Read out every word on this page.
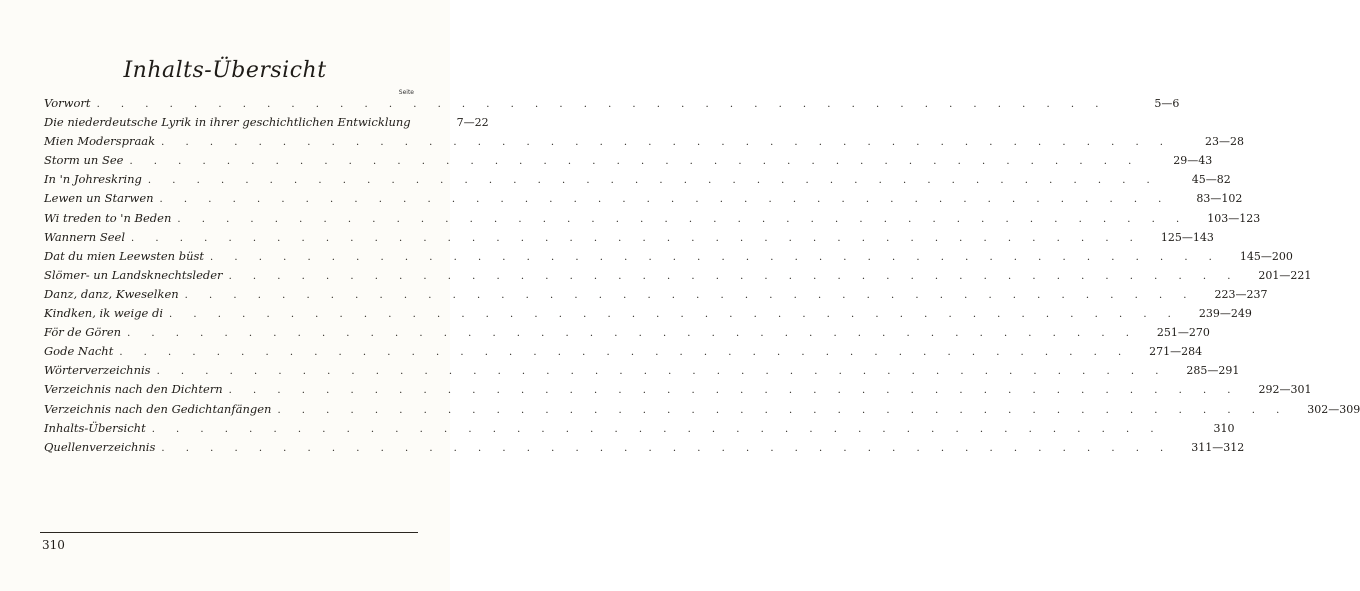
Inhalts-Übersicht
Seite
Vorwort . . .	5—6
Die niederdeutsche Lyrik in ihrer geschichtlichen Entwicklung	7—22
Mien Moderspraak . . .	23—28
Storm un See . . .	29—43
In 'n Johreskring . . .	45—82
Lewen un Starwen . . .	83—102
Wi treden to 'n Beden . . .	103—123
Wannern Seel . . .	125—143
Dat du mien Leewsten büst . . .	145—200
Slömer- un Landsknechtsleder . . .	201—221
Danz, danz, Kweselken . . .	223—237
Kindken, ik weige di . . .	239—249
För de Gören . . .	251—270
Gode Nacht . . .	271—284
Wörterverzeichnis . . .	285—291
Verzeichnis nach den Dichtern . . .	292—301
Verzeichnis nach den Gedichtanfängen . . .	302—309
Inhalts-Übersicht . . .	310
Quellenverzeichnis . . .	311—312
310
